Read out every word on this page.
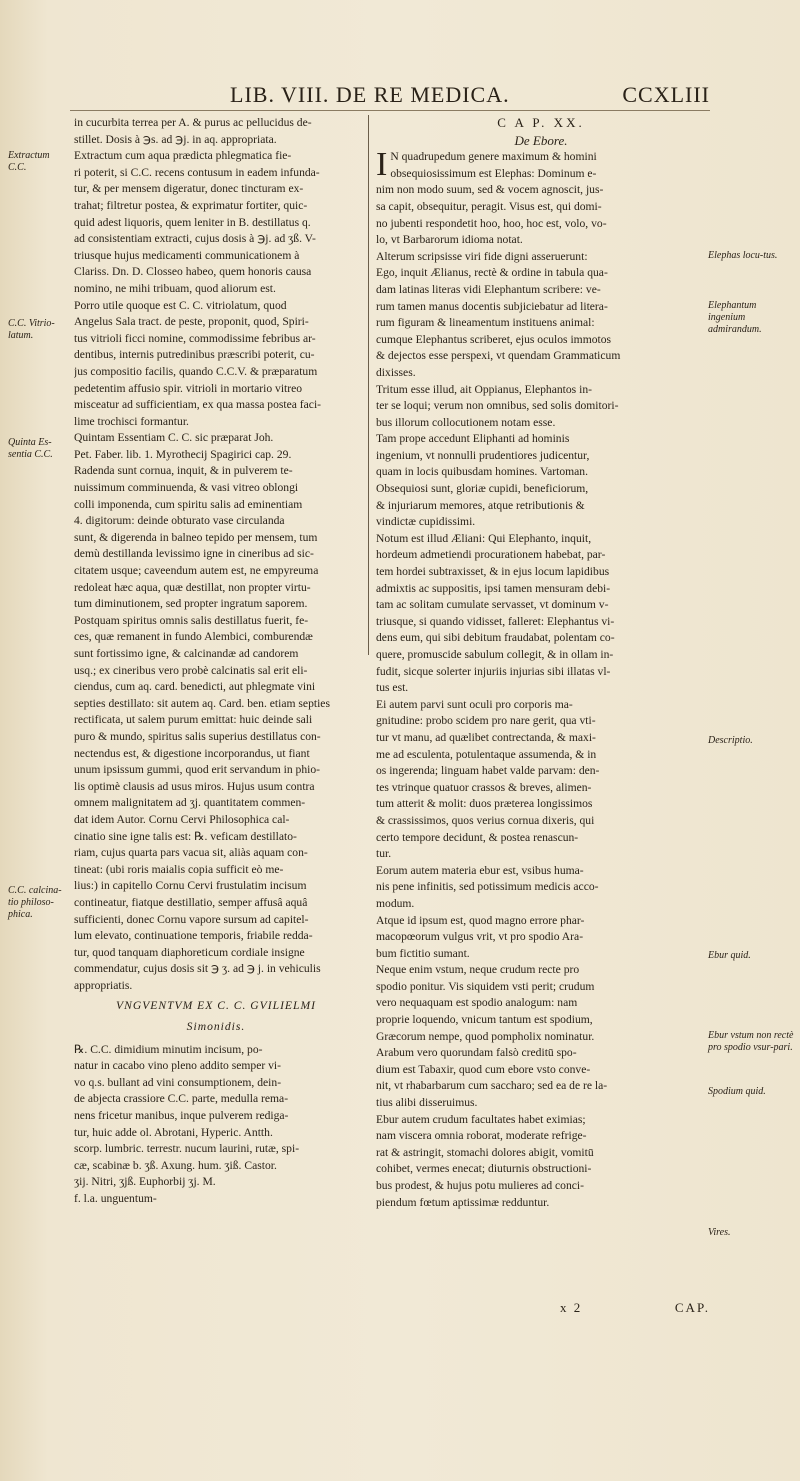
LIB. VIII. DE RE MEDICA.	CCXLIII
Extractum C.C.
C.C. Vitrio-latum.
Quinta Es-sentia C.C.
C.C. calcina-tio philoso-phica.
Elephas locu-tus.
Elephantum ingenium admirandum.
Descriptio.
Ebur quid.
Ebur vstum non rectè pro spodio vsur-pari.
Spodium quid.
Vires.
in cucurbita terrea per A. & purus ac pellucidus de-
stillet. Dosis à ℈s. ad ℈j. in aq. appropriata.
Extractum cum aqua prædicta phlegmatica fie-
ri poterit, si C.C. recens contusum in eadem infunda-
tur, & per mensem digeratur, donec tincturam ex-
trahat; filtretur postea, & exprimatur fortiter, quic-
quid adest liquoris, quem leniter in B. destillatus q.
ad consistentiam extracti, cujus dosis à ℈j. ad ʒß. V-
triusque hujus medicamenti communicationem à
Clariss. Dn. D. Closseo habeo, quem honoris causa
nomino, ne mihi tribuam, quod aliorum est.
Porro utile quoque est C. C. vitriolatum, quod
Angelus Sala tract. de peste, proponit, quod, Spiri-
tus vitrioli ficci nomine, commodissime febribus ar-
dentibus, internis putredinibus præscribi poterit, cu-
jus compositio facilis, quando C.C.V. & præparatum
pedetentim affusio spir. vitrioli in mortario vitreo
misceatur ad sufficientiam, ex qua massa postea faci-
lime trochisci formantur.
Quintam Essentiam C. C. sic præparat Joh.
Pet. Faber. lib. 1. Myrothecij Spagirici cap. 29.
Radenda sunt cornua, inquit, & in pulverem te-
nuissimum comminuenda, & vasi vitreo oblongi
colli imponenda, cum spiritu salis ad eminentiam
4. digitorum: deinde obturato vase circulanda
sunt, & digerenda in balneo tepido per mensem, tum
demù destillanda levissimo igne in cineribus ad sic-
citatem usque; caveendum autem est, ne empyreuma
redoleat hæc aqua, quæ destillat, non propter virtu-
tum diminutionem, sed propter ingratum saporem.
Postquam spiritus omnis salis destillatus fuerit, fe-
ces, quæ remanent in fundo Alembici, comburendæ
sunt fortissimo igne, & calcinandæ ad candorem
usq.; ex cineribus vero probè calcinatis sal erit eli-
ciendus, cum aq. card. benedicti, aut phlegmate vini
septies destillato: sit autem aq. Card. ben. etiam septies
rectificata, ut salem purum emittat: huic deinde sali
puro & mundo, spiritus salis superius destillatus con-
nectendus est, & digestione incorporandus, ut fiant
unum ipsissum gummi, quod erit servandum in phio-
lis optimè clausis ad usus miros. Hujus usum contra
omnem malignitatem ad ʒj. quantitatem commen-
dat idem Autor. Cornu Cervi Philosophica cal-
cinatio sine igne talis est: ℞. veficam destillato-
riam, cujus quarta pars vacua sit, aliàs aquam con-
tineat: (ubi roris maialis copia sufficit eò me-
lius:) in capitello Cornu Cervi frustulatim incisum
contineatur, fiatque destillatio, semper affusâ aquâ
sufficienti, donec Cornu vapore sursum ad capitel-
lum elevato, continuatione temporis, friabile redda-
tur, quod tanquam diaphoreticum cordiale insigne
commendatur, cujus dosis sit ℈ ʒ. ad ℈ j. in vehiculis
appropriatis.
VNGVENTVM EX C. C. GVILIELMI
Simonidis.
℞. C.C. dimidium minutim incisum, po-
natur in cacabo vino pleno addito semper vi-
vo q.s. bullant ad vini consumptionem, dein-
de abjecta crassiore C.C. parte, medulla rema-
nens fricetur manibus, inque pulverem rediga-
tur, huic adde ol. Abrotani, Hyperic. Antth.
scorp. lumbric. terrestr. nucum laurini, rutæ, spi-
cæ, scabinæ b. ʒß. Axung. hum. ʒiß. Castor.
ʒij. Nitri, ʒjß. Euphorbij ʒj. M.
f. l.a. unguentum-
C A P. XX.
De Ebore.
I N quadrupedum genere maximum & homini
obsequiosissimum est Elephas: Dominum e-
nim non modo suum, sed & vocem agnoscit, jus-
sa capit, obsequitur, peragit. Visus est, qui domi-
no jubenti respondetit hoo, hoo, hoc est, volo, vo-
lo, vt Barbarorum idioma notat.
Alterum scripsisse viri fide digni asseruerunt:
Ego, inquit Ælianus, rectè & ordine in tabula qua-
dam latinas literas vidi Elephantum scribere: ve-
rum tamen manus docentis subjiciebatur ad litera-
rum figuram & lineamentum instituens animal:
cumque Elephantus scriberet, ejus oculos immotos
& dejectos esse perspexi, vt quendam Grammaticum
dixisses.
Tritum esse illud, ait Oppianus, Elephantos in-
ter se loqui; verum non omnibus, sed solis domitori-
bus illorum collocutionem notam esse.
Tam prope accedunt Eliphanti ad hominis
ingenium, vt nonnulli prudentiores judicentur,
quam in locis quibusdam homines. Vartoman.
Obsequiosi sunt, gloriæ cupidi, beneficiorum,
& injuriarum memores, atque retributionis &
vindictæ cupidissimi.
Notum est illud Æliani: Qui Elephanto, inquit,
hordeum admetiendi procurationem habebat, par-
tem hordei subtraxisset, & in ejus locum lapidibus
admixtis ac suppositis, ipsi tamen mensuram debi-
tam ac solitam cumulate servasset, vt dominum v-
triusque, si quando vidisset, falleret: Elephantus vi-
dens eum, qui sibi debitum fraudabat, polentam co-
quere, promuscide sabulum collegit, & in ollam in-
fudit, sicque solerter injuriis injurias sibi illatas vl-
tus est.
Ei autem parvi sunt oculi pro corporis ma-
gnitudine: probo scidem pro nare gerit, qua vti-
tur vt manu, ad quælibet contrectanda, & maxi-
me ad esculenta, potulentaque assumenda, & in
os ingerenda; linguam habet valde parvam: den-
tes vtrinque quatuor crassos & breves, alimen-
tum atterit & molit: duos præterea longissimos
& crassissimos, quos verius cornua dixeris, qui
certo tempore decidunt, & postea renascun-
tur.
Eorum autem materia ebur est, vsibus huma-
nis pene infinitis, sed potissimum medicis acco-
modum.
Atque id ipsum est, quod magno errore phar-
macopœorum vulgus vrit, vt pro spodio Ara-
bum fictitio sumant.
Neque enim vstum, neque crudum recte pro
spodio ponitur. Vis siquidem vsti perit; crudum
vero nequaquam est spodio analogum: nam
proprie loquendo, vnicum tantum est spodium,
Græcorum nempe, quod pompholix nominatur.
Arabum vero quorundam falsò creditū spo-
dium est Tabaxir, quod cum ebore vsto conve-
nit, vt rhabarbarum cum saccharo; sed ea de re la-
tius alibi disseruimus.
Ebur autem crudum facultates habet eximias;
nam viscera omnia roborat, moderate refrige-
rat & astringit, stomachi dolores abigit, vomitū
cohibet, vermes enecat; diuturnis obstructioni-
bus prodest, & hujus potu mulieres ad conci-
piendum fœtum aptissimæ redduntur.
x 2	CAP.
